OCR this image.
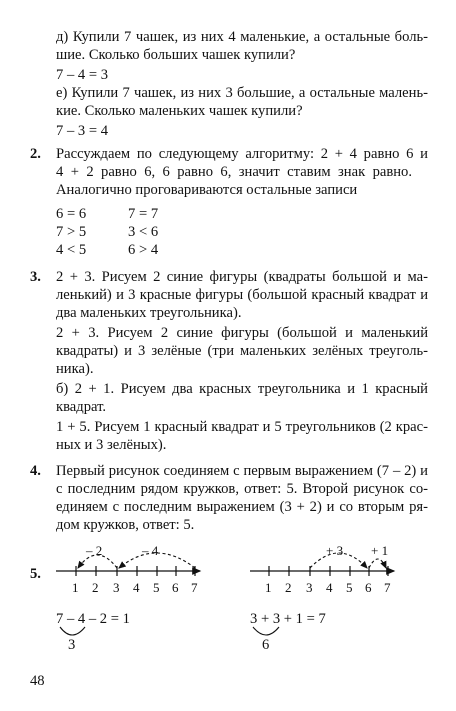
д) Купили 7 чашек, из них 4 маленькие, а остальные боль-
шие. Сколько больших чашек купили?
7 – 4 = 3
е) Купили 7 чашек, из них 3 большие, а остальные малень-
кие. Сколько маленьких чашек купили?
7 – 3 = 4
2. Рассуждаем по следующему алгоритму: 2 + 4 равно 6 и
4 + 2 равно 6, 6 равно 6, значит ставим знак равно.
Аналогично проговариваются остальные записи
6 = 6	7 = 7
7 > 5	3 < 6
4 < 5	6 > 4
3. 2 + 3. Рисуем 2 синие фигуры (квадраты большой и ма-
ленький) и 3 красные фигуры (большой красный квадрат и
два маленьких треугольника).
2 + 3. Рисуем 2 синие фигуры (большой и маленький
квадраты) и 3 зелёные (три маленьких зелёных треуголь-
ника).
б) 2 + 1. Рисуем два красных треугольника и 1 красный
квадрат.
1 + 5. Рисуем 1 красный квадрат и 5 треугольников (2 крас-
ных и 3 зелёных).
4. Первый рисунок соединяем с первым выражением (7 – 2) и
с последним рядом кружков, ответ: 5. Второй рисунок со-
единяем с последним выражением (3 + 2) и со вторым ря-
дом кружков, ответ: 5.
5.
1 2 3 4 5 6 7
– 2	– 4
1 2 3 4 5 6 7
+ 3 + 1
7 – 4 – 2 = 1
3
3 + 3 + 1 = 7
6
48
